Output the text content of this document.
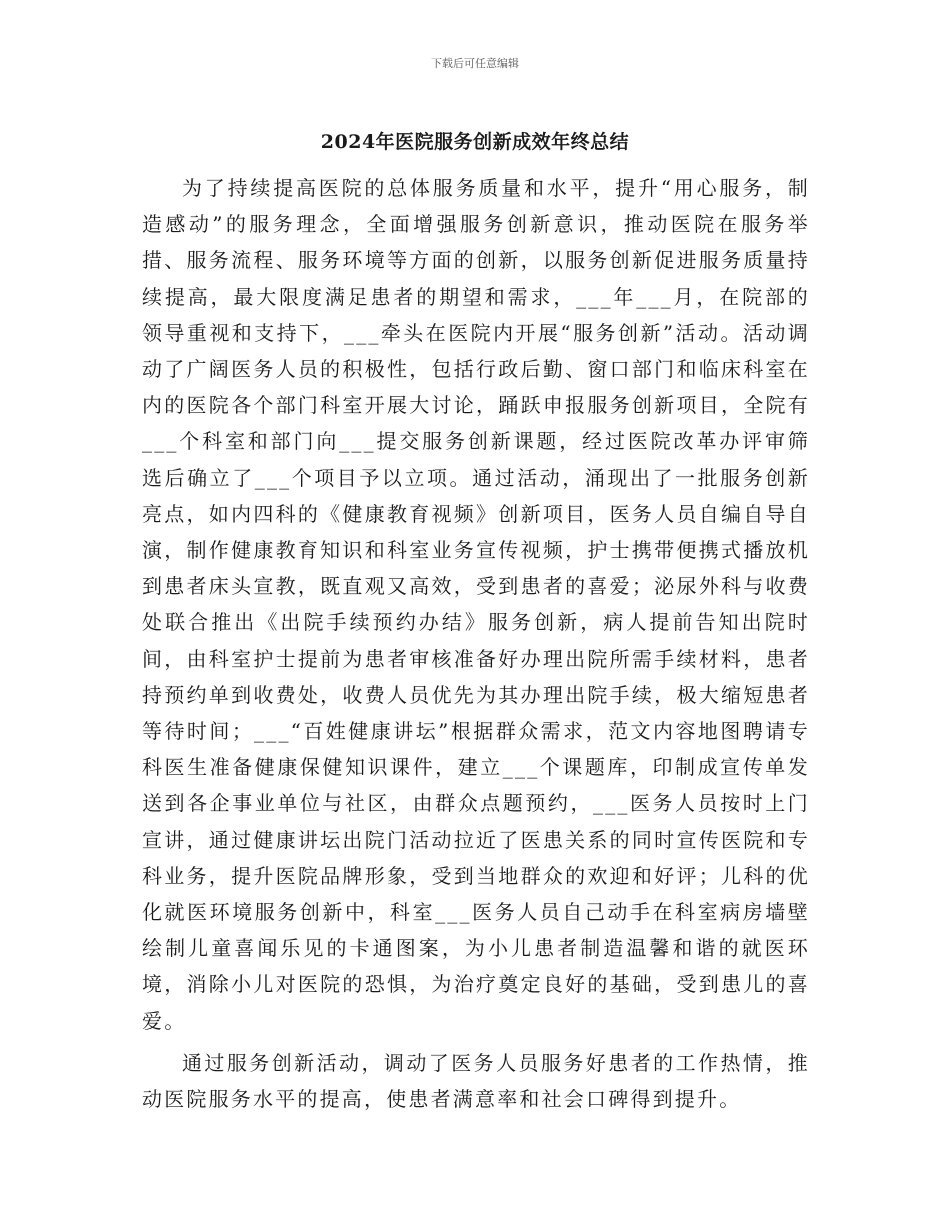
下载后可任意编辑
2024年医院服务创新成效年终总结

为了持续提高医院的总体服务质量和水平，提升“用心服务，制造感动”的服务理念，全面增强服务创新意识，推动医院在服务举措、服务流程、服务环境等方面的创新，以服务创新促进服务质量持续提高，最大限度满足患者的期望和需求，___年___月，在院部的领导重视和支持下，___牵头在医院内开展“服务创新”活动。活动调动了广阔医务人员的积极性，包括行政后勤、窗口部门和临床科室在内的医院各个部门科室开展大讨论，踊跃申报服务创新项目，全院有___个科室和部门向___提交服务创新课题，经过医院改革办评审筛选后确立了___个项目予以立项。通过活动，涌现出了一批服务创新亮点，如内四科的《健康教育视频》创新项目，医务人员自编自导自演，制作健康教育知识和科室业务宣传视频，护士携带便携式播放机到患者床头宣教，既直观又高效，受到患者的喜爱；泌尿外科与收费处联合推出《出院手续预约办结》服务创新，病人提前告知出院时间，由科室护士提前为患者审核准备好办理出院所需手续材料，患者持预约单到收费处，收费人员优先为其办理出院手续，极大缩短患者等待时间；___“百姓健康讲坛”根据群众需求，范文内容地图聘请专科医生准备健康保健知识课件，建立___个课题库，印制成宣传单发送到各企事业单位与社区，由群众点题预约，___医务人员按时上门宣讲，通过健康讲坛出院门活动拉近了医患关系的同时宣传医院和专科业务，提升医院品牌形象，受到当地群众的欢迎和好评；儿科的优化就医环境服务创新中，科室___医务人员自己动手在科室病房墙壁绘制儿童喜闻乐见的卡通图案，为小儿患者制造温馨和谐的就医环境，消除小儿对医院的恐惧，为治疗奠定良好的基础，受到患儿的喜爱。

通过服务创新活动，调动了医务人员服务好患者的工作热情，推动医院服务水平的提高，使患者满意率和社会口碑得到提升。
